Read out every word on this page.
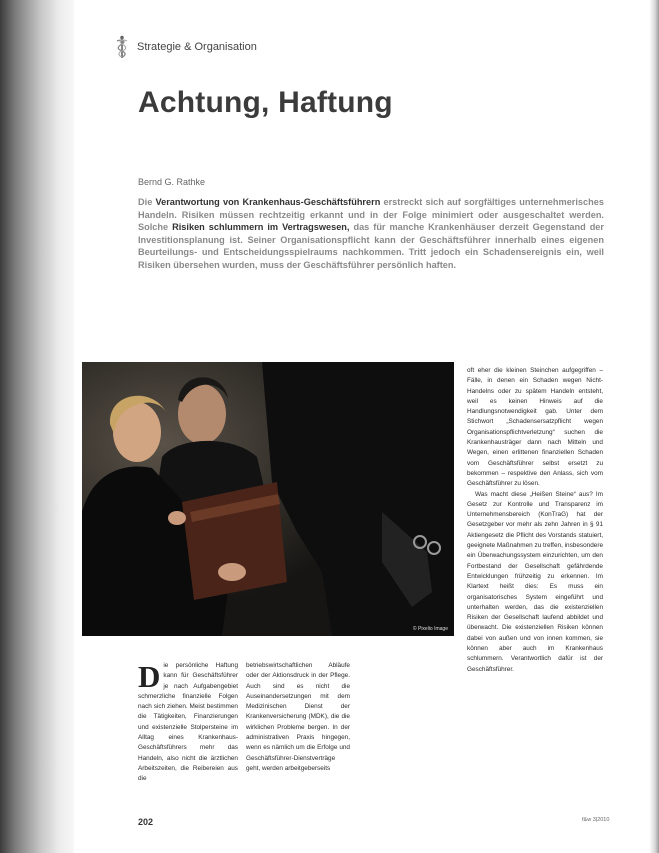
Strategie & Organisation
Achtung, Haftung
Bernd G. Rathke
Die Verantwortung von Krankenhaus-Geschäftsführern erstreckt sich auf sorgfältiges unternehmerisches Handeln. Risiken müssen rechtzeitig erkannt und in der Folge minimiert oder ausgeschaltet werden. Solche Risiken schlummern im Vertragswesen, das für manche Krankenhäuser derzeit Gegenstand der Investitionsplanung ist. Seiner Organisationspflicht kann der Geschäftsführer innerhalb eines eigenen Beurteilungs- und Entscheidungsspielraums nachkommen. Tritt jedoch ein Schadensereignis ein, weil Risiken übersehen wurden, muss der Geschäftsführer persönlich haften.
© Pixelio Image
D ie persönliche Haftung kann für Geschäftsführer je nach Aufgabengebiet schmerzliche finanzielle Folgen nach sich ziehen. Meist bestimmen die Tätigkeiten, Finanzierungen und existenzielle Stolpersteine im Alltag eines Krankenhaus-Geschäftsführers mehr das Handeln, also nicht die ärztlichen Arbeitszeiten, die Reibereien aus die
betriebswirtschaftlichen Abläufe oder der Aktionsdruck in der Pflege. Auch sind es nicht die Auseinandersetzungen mit dem Medizinischen Dienst der Krankenversicherung (MDK), die die wirklichen Probleme bergen. In der administrativen Praxis hingegen, wenn es nämlich um die Erfolge und Geschäftsführer-Dienstverträge geht, werden arbeitgeberseits

oft eher die kleinen Steinchen aufgegriffen – Fälle, in denen ein Schaden wegen Nicht-Handelns oder zu spätem Handeln entsteht, weil es keinen Hinweis auf die Handlungsnotwendigkeit gab. Unter dem Stichwort „Schadensersatzpflicht wegen Organisationspflichtverletzung“ suchen die Krankenhausträger dann nach Mitteln und Wegen, einen erlittenen finanziellen Schaden vom Geschäftsführer selbst ersetzt zu bekommen – respektive den Anlass, sich vom Geschäftsführer zu lösen.

Was macht diese „Heißen Steine“ aus? Im Gesetz zur Kontrolle und Transparenz im Unternehmensbereich (KonTraG) hat der Gesetzgeber vor mehr als zehn Jahren in § 91 Aktiengesetz die Pflicht des Vorstands statuiert, geeignete Maßnahmen zu treffen, insbesondere ein Überwachungssystem einzurichten, um den Fortbestand der Gesellschaft gefährdende Entwicklungen frühzeitig zu erkennen. Im Klartext heißt dies: Es muss ein organisatorisches System eingeführt und unterhalten werden, das die existenziellen Risiken der Gesellschaft laufend abbildet und überwacht. Die existenziellen Risiken können dabei von außen und von innen kommen, sie können aber auch im Krankenhaus schlummern. Verantwortlich dafür ist der Geschäftsführer.

202	f&w 3|2010
